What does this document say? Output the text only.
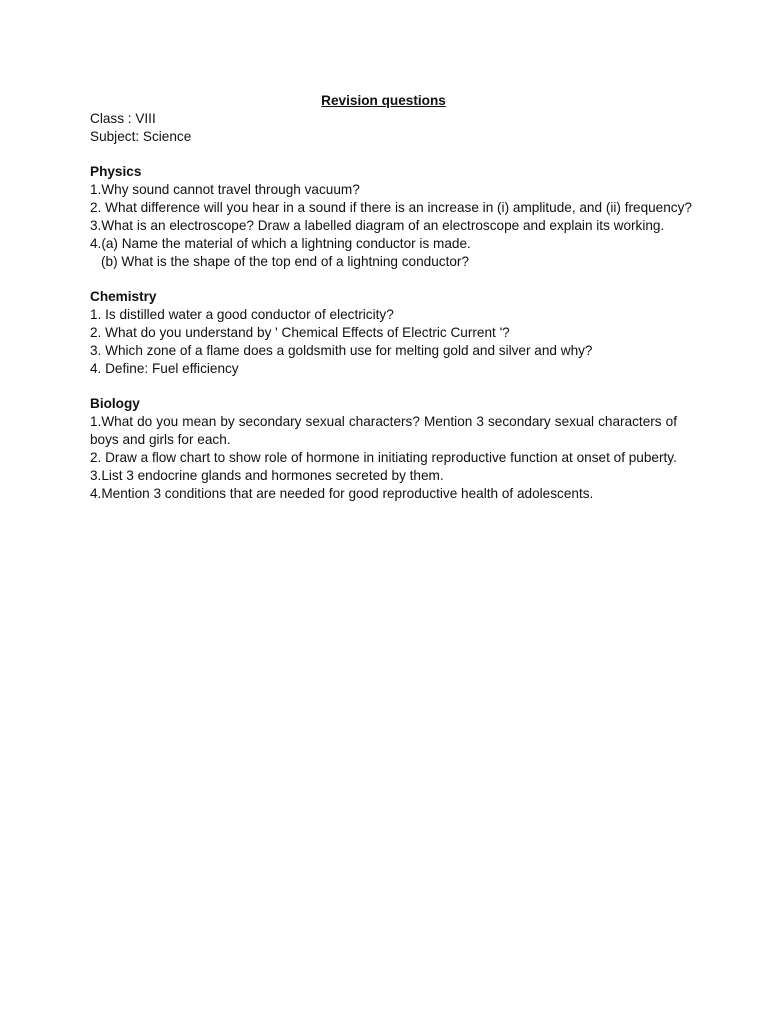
Revision questions
Class : VIII
Subject: Science
Physics
1.Why sound cannot travel through vacuum?
2. What difference will you hear in a sound if there is an increase in (i) amplitude, and (ii) frequency?
3.What is an electroscope? Draw a labelled diagram of an electroscope and explain its working.
4.(a) Name the material of which a lightning conductor is made.
(b) What is the shape of the top end of a lightning conductor?
Chemistry
1. Is distilled water a good conductor of electricity?
2. What do you understand by ' Chemical Effects of Electric Current '?
3. Which zone of a flame does a goldsmith use for melting gold and silver and why?
4. Define: Fuel efficiency
Biology
1.What do you mean by secondary sexual characters? Mention 3 secondary sexual characters of boys and girls for each.
2. Draw a flow chart to show role of hormone in initiating reproductive function at onset of puberty.
3.List 3 endocrine glands and hormones secreted by them.
4.Mention 3 conditions that are needed for good reproductive health of adolescents.
